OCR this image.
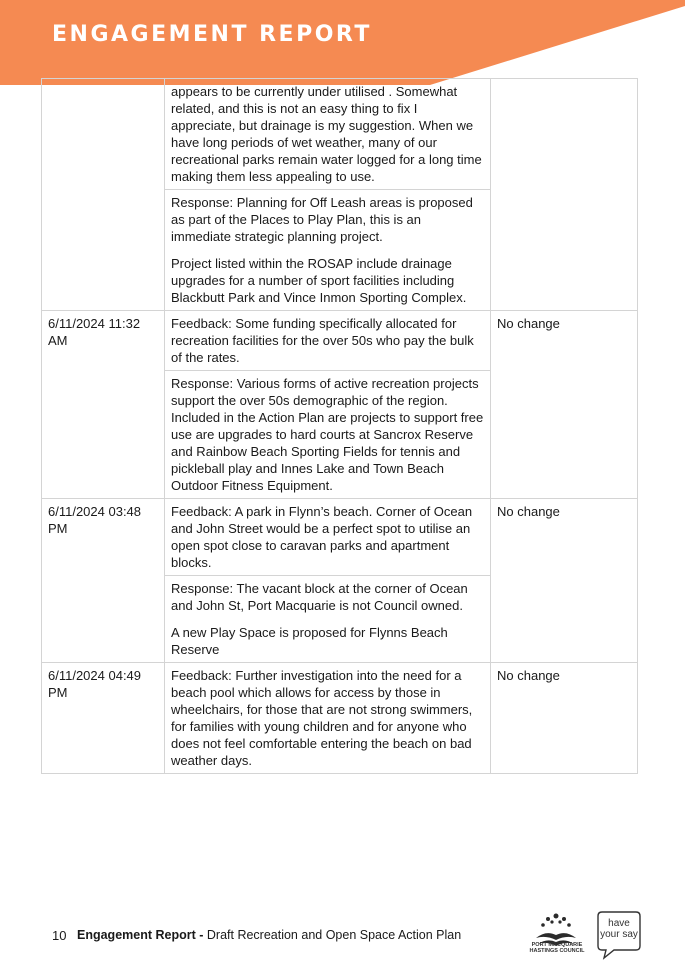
ENGAGEMENT REPORT

	appears to be currently under utilised . Somewhat related, and this is not an easy thing to fix I appreciate, but drainage is my suggestion. When we have long periods of wet weather, many of our recreational parks remain water logged for a long time making them less appealing to use.	

	Response: Planning for Off Leash areas is proposed as part of the Places to Play Plan, this is an immediate strategic planning project.

Project listed within the ROSAP include drainage upgrades for a number of sport facilities including Blackbutt Park and Vince Inmon Sporting Complex.	

6/11/2024 11:32 AM	Feedback: Some funding specifically allocated for recreation facilities for the over 50s who pay the bulk of the rates.	No change

	Response: Various forms of active recreation projects support the over 50s demographic of the region. Included in the Action Plan are projects to support free use are upgrades to hard courts at Sancrox Reserve and Rainbow Beach Sporting Fields for tennis and pickleball play and Innes Lake and Town Beach Outdoor Fitness Equipment.	

6/11/2024 03:48 PM	Feedback: A park in Flynn’s beach. Corner of Ocean and John Street would be a perfect spot to utilise an open spot close to caravan parks and apartment blocks.	No change

	Response: The vacant block at the corner of Ocean and John St, Port Macquarie is not Council owned.

A new Play Space is proposed for Flynns Beach Reserve	

6/11/2024 04:49 PM	Feedback: Further investigation into the need for a beach pool which allows for access by those in wheelchairs, for those that are not strong swimmers, for families with young children and for anyone who does not feel comfortable entering the beach on bad weather days.	No change
10 Engagement Report - Draft Recreation and Open Space Action Plan
PORT MACQUARIE
HASTINGS COUNCIL
have
your say
